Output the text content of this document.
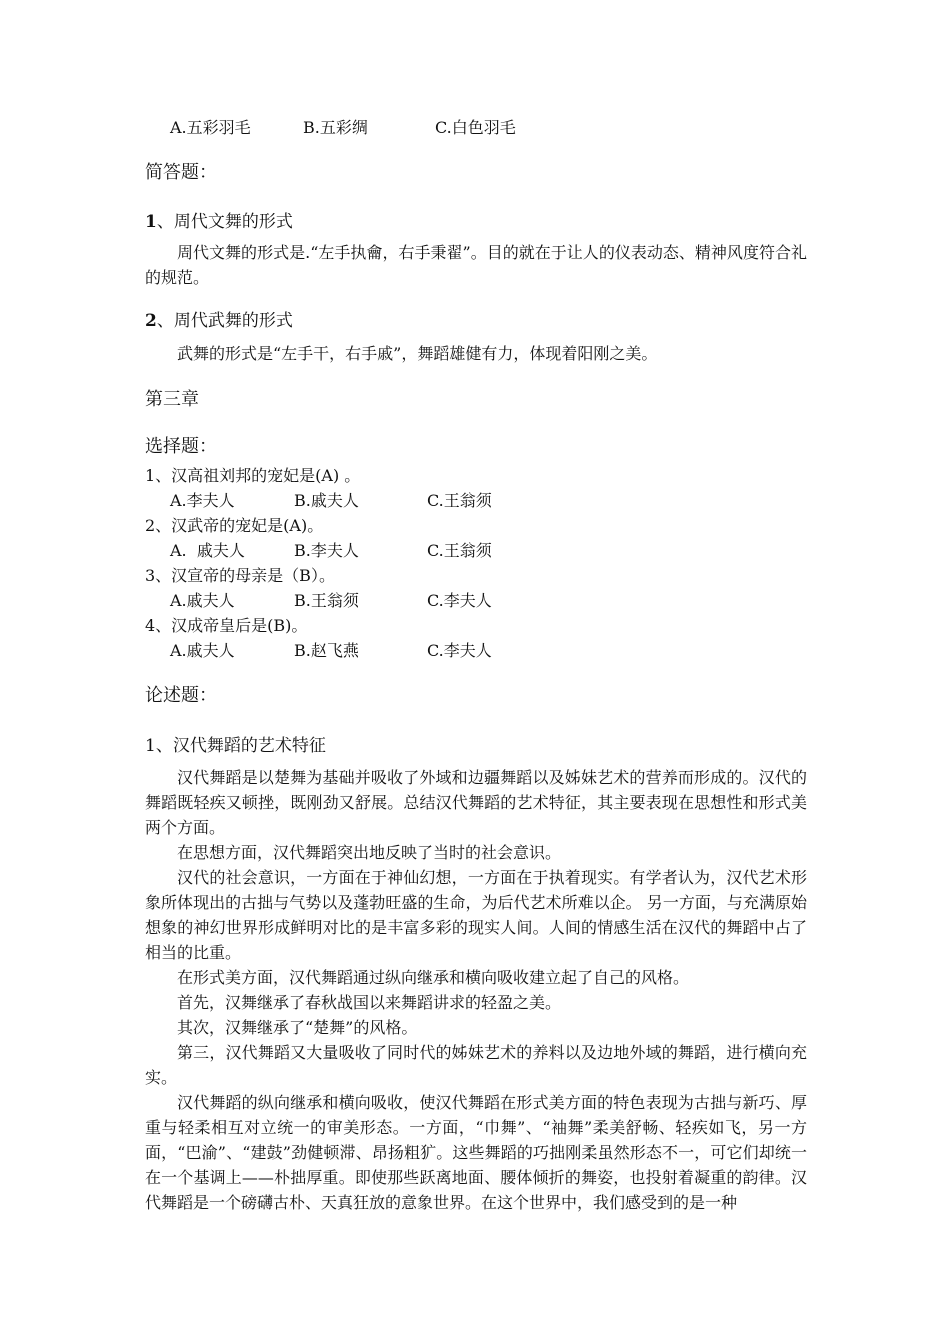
A.五彩羽毛	B.五彩绸	C.白色羽毛
简答题：
1、周代文舞的形式
周代文舞的形式是.“左手执龠，右手秉翟”。目的就在于让人的仪表动态、精神风度符合礼的规范。
2、周代武舞的形式
武舞的形式是“左手干，右手戚”，舞蹈雄健有力，体现着阳刚之美。
第三章
选择题：
1、汉高祖刘邦的宠妃是(A) 。
A.李夫人	B.戚夫人	C.王翁须
2、汉武帝的宠妃是(A)。
A.  戚夫人	B.李夫人	C.王翁须
3、汉宣帝的母亲是（B）。
A.戚夫人	B.王翁须	C.李夫人
4、汉成帝皇后是(B)。
A.戚夫人	B.赵飞燕	C.李夫人
论述题：
1、汉代舞蹈的艺术特征
汉代舞蹈是以楚舞为基础并吸收了外域和边疆舞蹈以及姊妹艺术的营养而形成的。汉代的舞蹈既轻疾又顿挫，既刚劲又舒展。总结汉代舞蹈的艺术特征，其主要表现在思想性和形式美两个方面。
在思想方面，汉代舞蹈突出地反映了当时的社会意识。
汉代的社会意识，一方面在于神仙幻想，一方面在于执着现实。有学者认为，汉代艺术形象所体现出的古拙与气势以及蓬勃旺盛的生命，为后代艺术所难以企。 另一方面，与充满原始想象的神幻世界形成鲜明对比的是丰富多彩的现实人间。人间的情感生活在汉代的舞蹈中占了相当的比重。
在形式美方面，汉代舞蹈通过纵向继承和横向吸收建立起了自己的风格。
首先，汉舞继承了春秋战国以来舞蹈讲求的轻盈之美。
其次，汉舞继承了“楚舞”的风格。
第三，汉代舞蹈又大量吸收了同时代的姊妹艺术的养料以及边地外域的舞蹈，进行横向充实。
汉代舞蹈的纵向继承和横向吸收，使汉代舞蹈在形式美方面的特色表现为古拙与新巧、厚重与轻柔相互对立统一的审美形态。一方面，“巾舞”、“袖舞”柔美舒畅、轻疾如飞，另一方面，“巴渝”、“建鼓”劲健顿滞、昂扬粗犷。这些舞蹈的巧拙刚柔虽然形态不一，可它们却统一在一个基调上——朴拙厚重。即使那些跃离地面、腰体倾折的舞姿，也投射着凝重的韵律。汉代舞蹈是一个磅礴古朴、天真狂放的意象世界。在这个世界中，我们感受到的是一种
